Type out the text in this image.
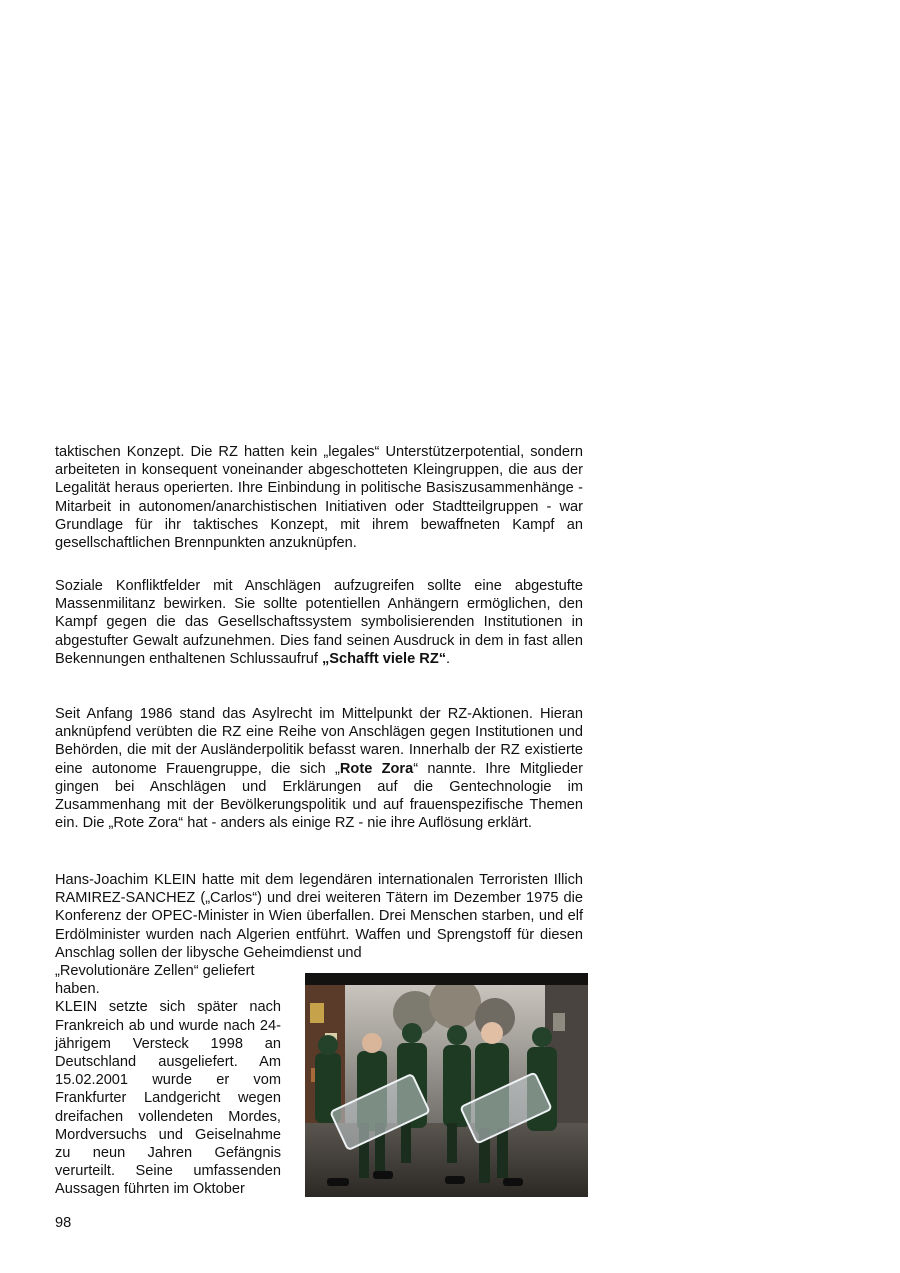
taktischen Konzept. Die RZ hatten kein „legales“ Unterstützerpotential, sondern arbeiteten in konsequent voneinander abgeschotteten Kleingruppen, die aus der Legalität heraus operierten. Ihre Einbindung in politische Basiszusammenhänge - Mitarbeit in autonomen/anarchistischen Initiativen oder Stadtteilgruppen - war Grundlage für ihr taktisches Konzept, mit ihrem bewaffneten Kampf an gesellschaftlichen Brennpunkten anzuknüpfen.

Soziale Konfliktfelder mit Anschlägen aufzugreifen sollte eine abgestufte Massenmilitanz bewirken. Sie sollte potentiellen Anhängern ermöglichen, den Kampf gegen die das Gesellschaftssystem symbolisierenden Institutionen in abgestufter Gewalt aufzunehmen. Dies fand seinen Ausdruck in dem in fast allen Bekennungen enthaltenen Schlussaufruf „Schafft viele RZ“.

Seit Anfang 1986 stand das Asylrecht im Mittelpunkt der RZ-Aktionen. Hieran anknüpfend verübten die RZ eine Reihe von Anschlägen gegen Institutionen und Behörden, die mit der Ausländerpolitik befasst waren. Innerhalb der RZ existierte eine autonome Frauengruppe, die sich „Rote Zora“ nannte. Ihre Mitglieder gingen bei Anschlägen und Erklärungen auf die Gentechnologie im Zusammenhang mit der Bevölkerungspolitik und auf frauenspezifische Themen ein. Die „Rote Zora“ hat - anders als einige RZ - nie ihre Auflösung erklärt.

Hans-Joachim KLEIN hatte mit dem legendären internationalen Terroristen Illich RAMIREZ-SANCHEZ („Carlos“) und drei weiteren Tätern im Dezember 1975 die Konferenz der OPEC-Minister in Wien überfallen. Drei Menschen starben, und elf Erdölminister wurden nach Algerien entführt. Waffen und Sprengstoff für diesen Anschlag sollen der libysche Geheimdienst und

„Revolutionäre Zellen“ geliefert haben.

KLEIN setzte sich später nach Frankreich ab und wurde nach 24-jährigem Versteck 1998 an Deutschland ausgeliefert. Am 15.02.2001 wurde er vom Frankfurter Landgericht wegen dreifachen vollendeten Mordes, Mordversuchs und Geiselnahme zu neun Jahren Gefängnis verurteilt. Seine umfassenden Aussagen führten im Oktober

98
